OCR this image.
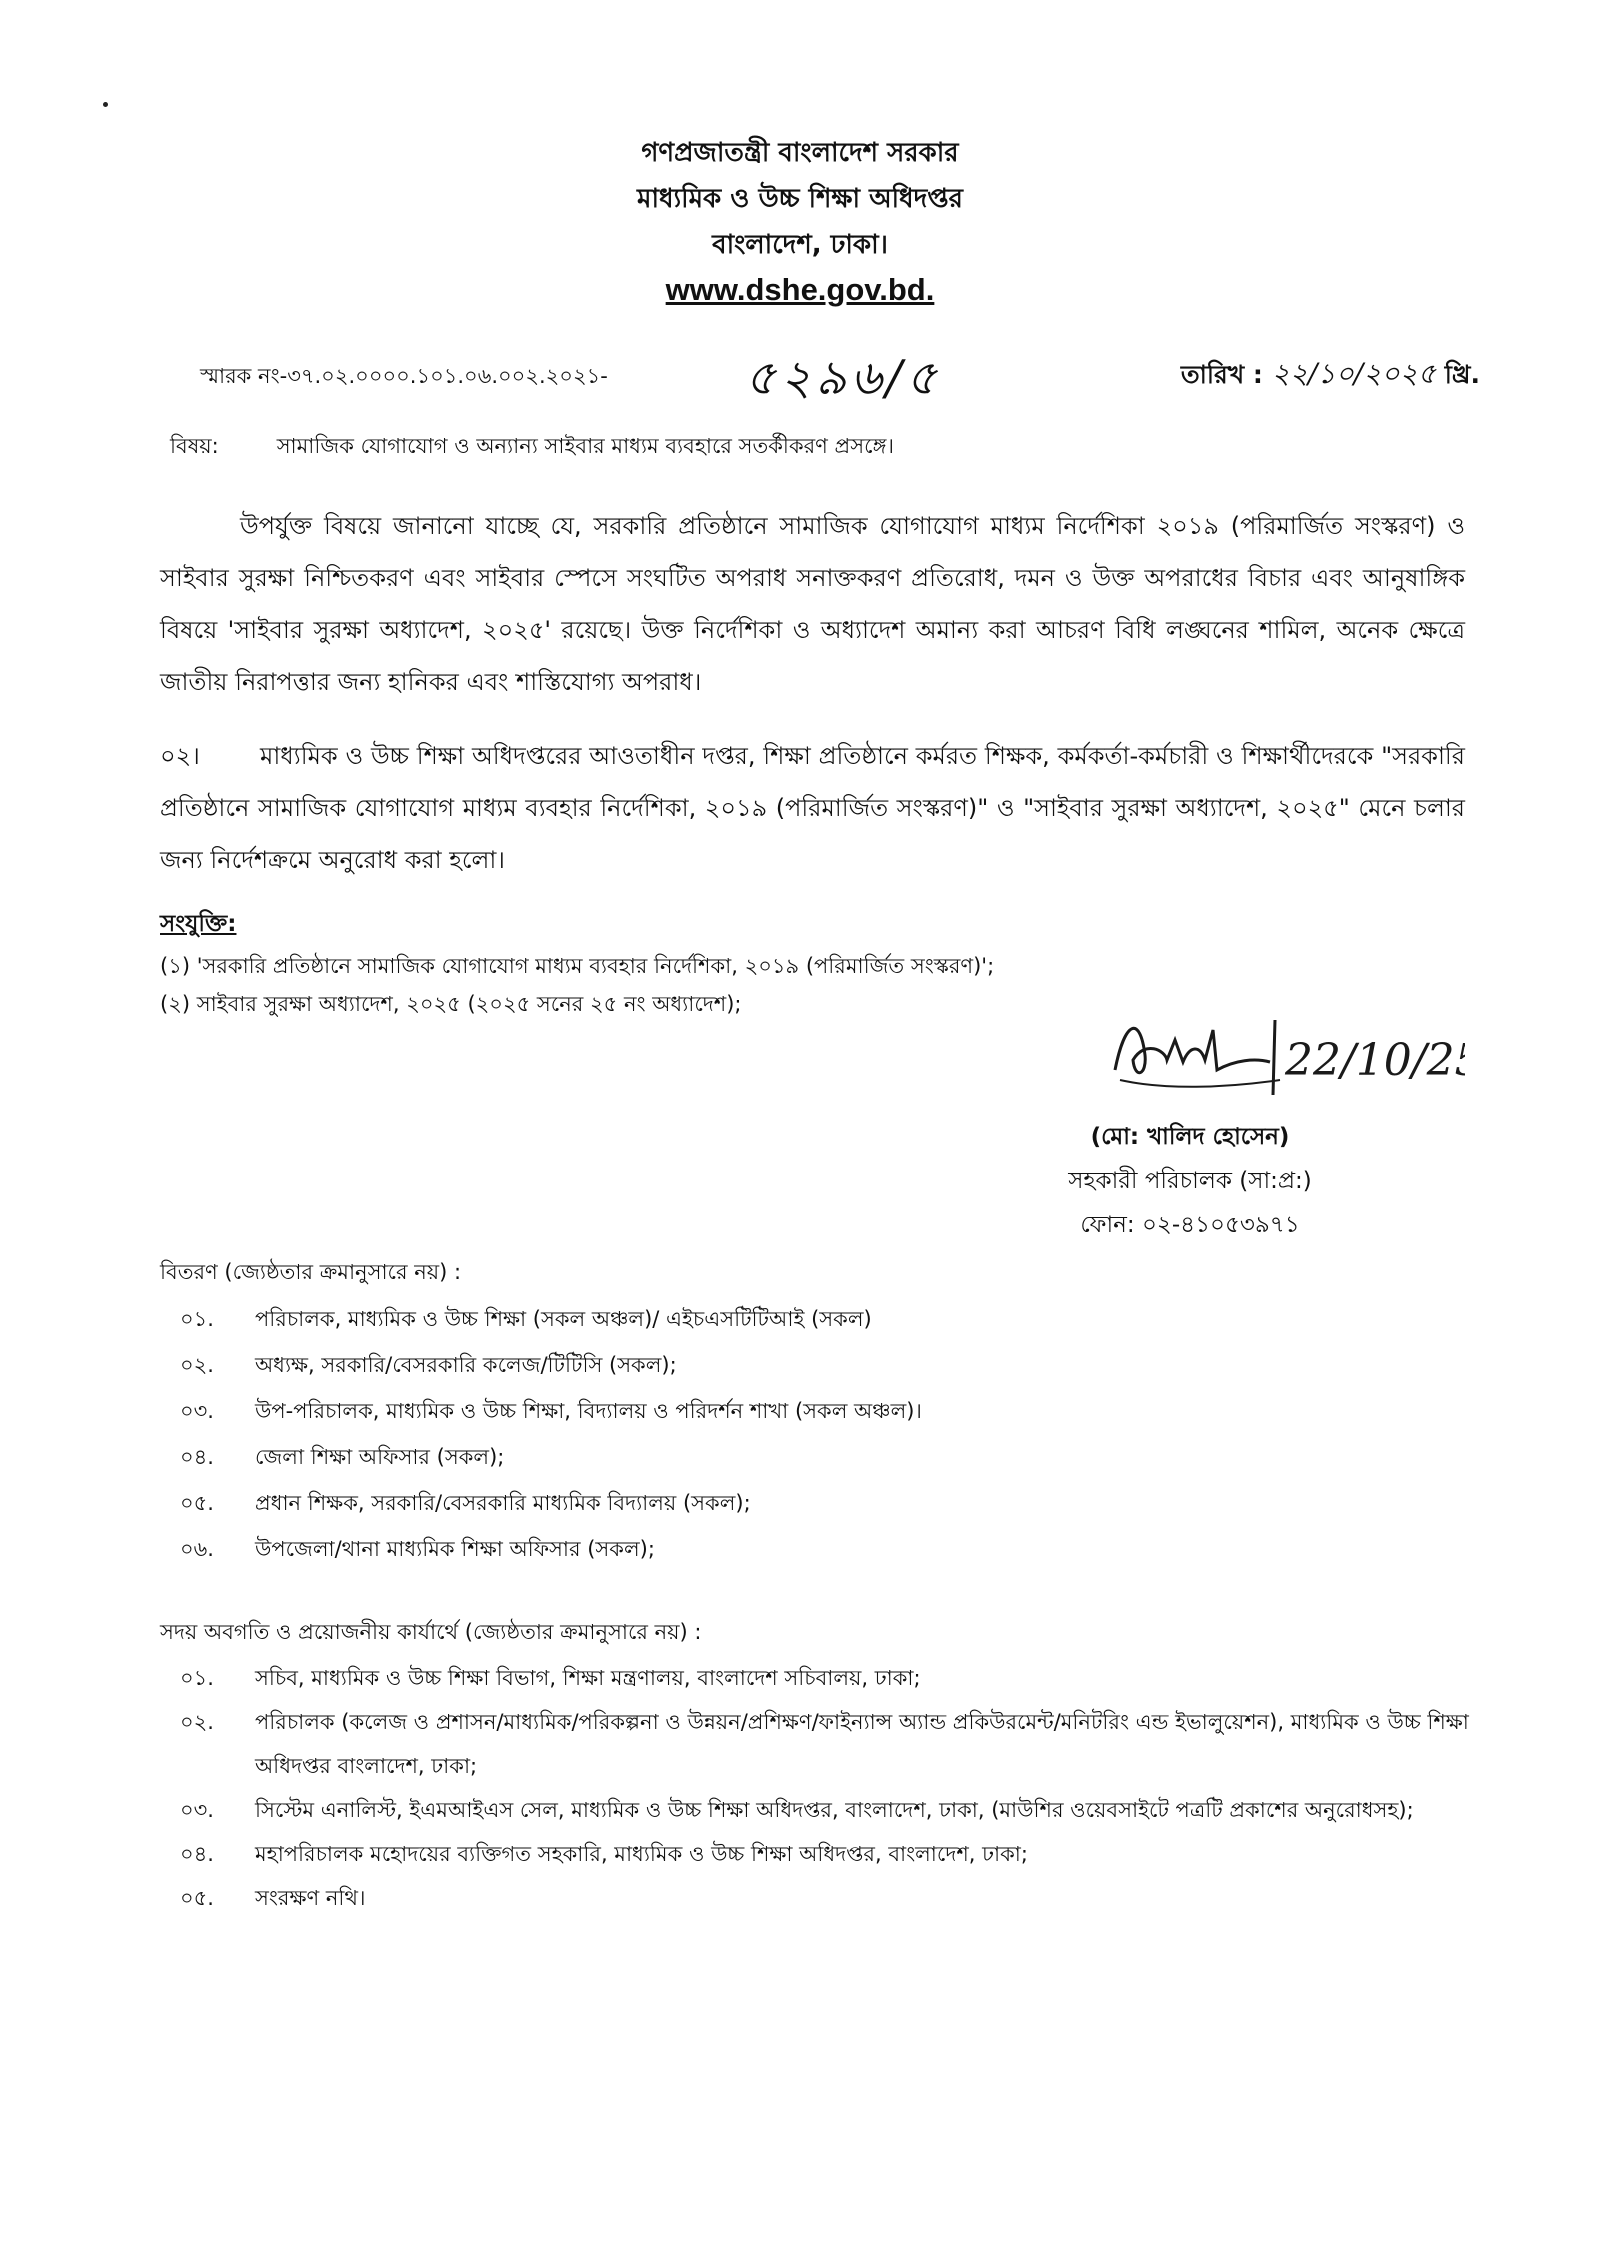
গণপ্রজাতন্ত্রী বাংলাদেশ সরকার
মাধ্যমিক ও উচ্চ শিক্ষা অধিদপ্তর
বাংলাদেশ, ঢাকা।
www.dshe.gov.bd.
স্মারক নং-৩৭.০২.০০০০.১০১.০৬.০০২.২০২১-	৫২৯৬/৫	তারিখ : ২২/১০/২০২৫ খ্রি.
বিষয়:	সামাজিক যোগাযোগ ও অন্যান্য সাইবার মাধ্যম ব্যবহারে সতর্কীকরণ প্রসঙ্গে।
উপর্যুক্ত বিষয়ে জানানো যাচ্ছে যে, সরকারি প্রতিষ্ঠানে সামাজিক যোগাযোগ মাধ্যম নির্দেশিকা ২০১৯ (পরিমার্জিত সংস্করণ) ও সাইবার সুরক্ষা নিশ্চিতকরণ এবং সাইবার স্পেসে সংঘটিত অপরাধ সনাক্তকরণ প্রতিরোধ, দমন ও উক্ত অপরাধের বিচার এবং আনুষাঙ্গিক বিষয়ে 'সাইবার সুরক্ষা অধ্যাদেশ, ২০২৫' রয়েছে। উক্ত নির্দেশিকা ও অধ্যাদেশ অমান্য করা আচরণ বিধি লঙ্ঘনের শামিল, অনেক ক্ষেত্রে জাতীয় নিরাপত্তার জন্য হানিকর এবং শাস্তিযোগ্য অপরাধ।
০২।	মাধ্যমিক ও উচ্চ শিক্ষা অধিদপ্তরের আওতাধীন দপ্তর, শিক্ষা প্রতিষ্ঠানে কর্মরত শিক্ষক, কর্মকর্তা-কর্মচারী ও শিক্ষার্থীদেরকে "সরকারি প্রতিষ্ঠানে সামাজিক যোগাযোগ মাধ্যম ব্যবহার নির্দেশিকা, ২০১৯ (পরিমার্জিত সংস্করণ)" ও "সাইবার সুরক্ষা অধ্যাদেশ, ২০২৫" মেনে চলার জন্য নির্দেশক্রমে অনুরোধ করা হলো।
সংযুক্তি:
(১) 'সরকারি প্রতিষ্ঠানে সামাজিক যোগাযোগ মাধ্যম ব্যবহার নির্দেশিকা, ২০১৯ (পরিমার্জিত সংস্করণ)';
(২) সাইবার সুরক্ষা অধ্যাদেশ, ২০২৫ (২০২৫ সনের ২৫ নং অধ্যাদেশ);
22/10/25
(মো: খালিদ হোসেন)
সহকারী পরিচালক (সা:প্র:)
ফোন: ০২-৪১০৫৩৯৭১
বিতরণ (জ্যেষ্ঠতার ক্রমানুসারে নয়) :
০১.	পরিচালক, মাধ্যমিক ও উচ্চ শিক্ষা (সকল অঞ্চল)/ এইচএসটিটিআই (সকল)
০২.	অধ্যক্ষ, সরকারি/বেসরকারি কলেজ/টিটিসি (সকল);
০৩.	উপ-পরিচালক, মাধ্যমিক ও উচ্চ শিক্ষা, বিদ্যালয় ও পরিদর্শন শাখা (সকল অঞ্চল)।
০৪.	জেলা শিক্ষা অফিসার (সকল);
০৫.	প্রধান শিক্ষক, সরকারি/বেসরকারি মাধ্যমিক বিদ্যালয় (সকল);
০৬.	উপজেলা/থানা মাধ্যমিক শিক্ষা অফিসার (সকল);
সদয় অবগতি ও প্রয়োজনীয় কার্যার্থে (জ্যেষ্ঠতার ক্রমানুসারে নয়) :
০১.	সচিব, মাধ্যমিক ও উচ্চ শিক্ষা বিভাগ, শিক্ষা মন্ত্রণালয়, বাংলাদেশ সচিবালয়, ঢাকা;
০২.	পরিচালক (কলেজ ও প্রশাসন/মাধ্যমিক/পরিকল্পনা ও উন্নয়ন/প্রশিক্ষণ/ফাইন্যান্স অ্যান্ড প্রকিউরমেন্ট/মনিটরিং এন্ড ইভালুয়েশন), মাধ্যমিক ও উচ্চ শিক্ষা অধিদপ্তর বাংলাদেশ, ঢাকা;
০৩.	সিস্টেম এনালিস্ট, ইএমআইএস সেল, মাধ্যমিক ও উচ্চ শিক্ষা অধিদপ্তর, বাংলাদেশ, ঢাকা, (মাউশির ওয়েবসাইটে পত্রটি প্রকাশের অনুরোধসহ);
০৪.	মহাপরিচালক মহোদয়ের ব্যক্তিগত সহকারি, মাধ্যমিক ও উচ্চ শিক্ষা অধিদপ্তর, বাংলাদেশ, ঢাকা;
০৫.	সংরক্ষণ নথি।
